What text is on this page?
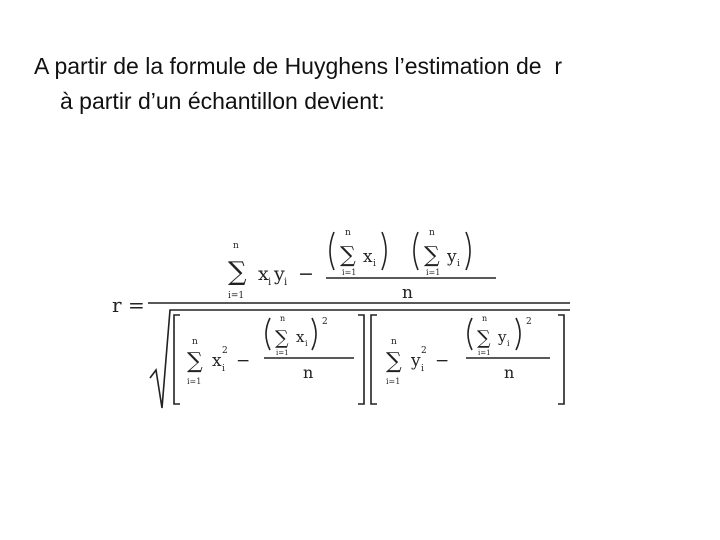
A partir de la formule de Huyghens l’estimation de  r
à partir d’un échantillon devient:
r =
n
∑
i=1
x i y i −
n
∑
i=1
x i
n
∑
i=1
y i
n
n
∑
i=1
x 2
i −
n
∑
i=1
x i
2
n
n
∑
i=1
y 2
i −
n
∑
i=1
y i
2
n
